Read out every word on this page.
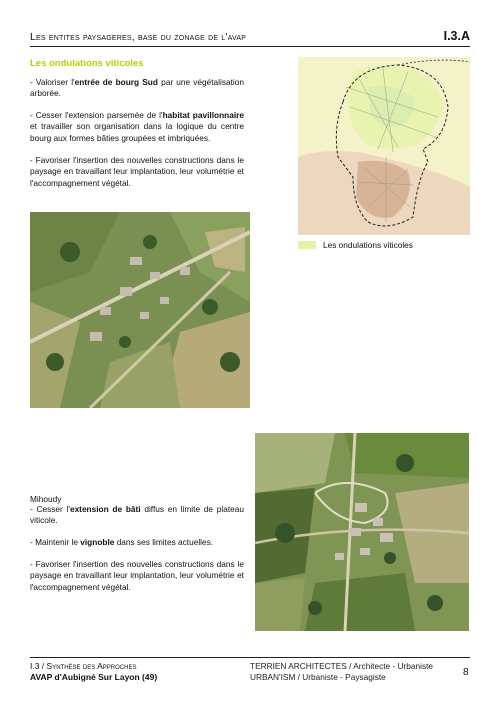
Les entites paysageres, base du zonage de l'avap	I.3.A
Les ondulations viticoles
- Valoriser l'entrée de bourg Sud par une végétalisation arborée.
- Cesser l'extension parsemée de l'habitat pavillonnaire et travailler son organisation dans la logique du centre bourg aux formes bâties groupées et imbriquées.
- Favoriser l'insertion des nouvelles constructions dans le paysage en travaillant leur implantation, leur volumétrie et l'accompagnement végétal.
Les ondulations viticoles
Mihoudy
- Cesser l'extension de bâti diffus en limite de plateau viticole.
- Maintenir le vignoble dans ses limites actuelles.
- Favoriser l'insertion des nouvelles constructions dans le paysage en travaillant leur implantation, leur volumétrie et l'accompagnement végétal.
I.3 / Synthèse des Approches
AVAP d'Aubigné Sur Layon (49)
TERRIEN ARCHITECTES / Architecte - Urbaniste
URBAN'ISM / Urbaniste - Paysagiste	8
